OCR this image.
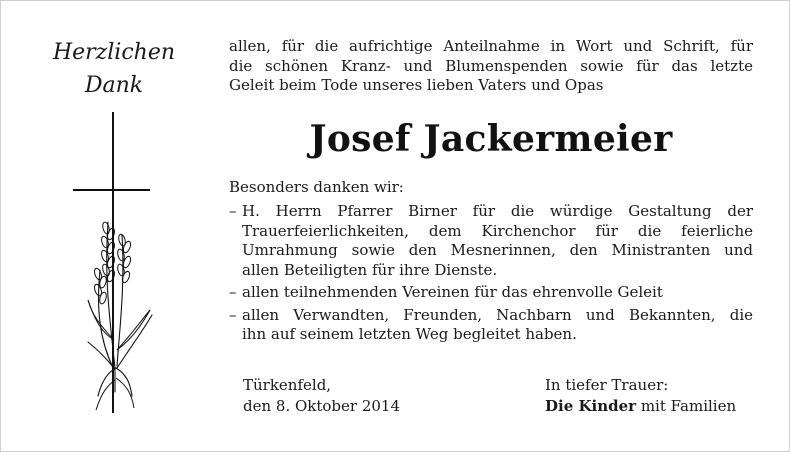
Herzlichen
Dank
allen, für die aufrichtige Anteilnahme in Wort und Schrift, für
die schönen Kranz- und Blumenspenden sowie für das letzte
Geleit beim Tode unseres lieben Vaters und Opas
Josef Jackermeier
Besonders danken wir:
– H. Herrn Pfarrer Birner für die würdige Gestaltung der
Trauerfeierlichkeiten, dem Kirchenchor für die feierliche
Umrahmung sowie den Mesnerinnen, den Ministranten und
allen Beteiligten für ihre Dienste.
– allen teilnehmenden Vereinen für das ehrenvolle Geleit
– allen Verwandten, Freunden, Nachbarn und Bekannten, die
ihn auf seinem letzten Weg begleitet haben.
Türkenfeld,
den 8. Oktober 2014
In tiefer Trauer:
Die Kinder mit Familien
